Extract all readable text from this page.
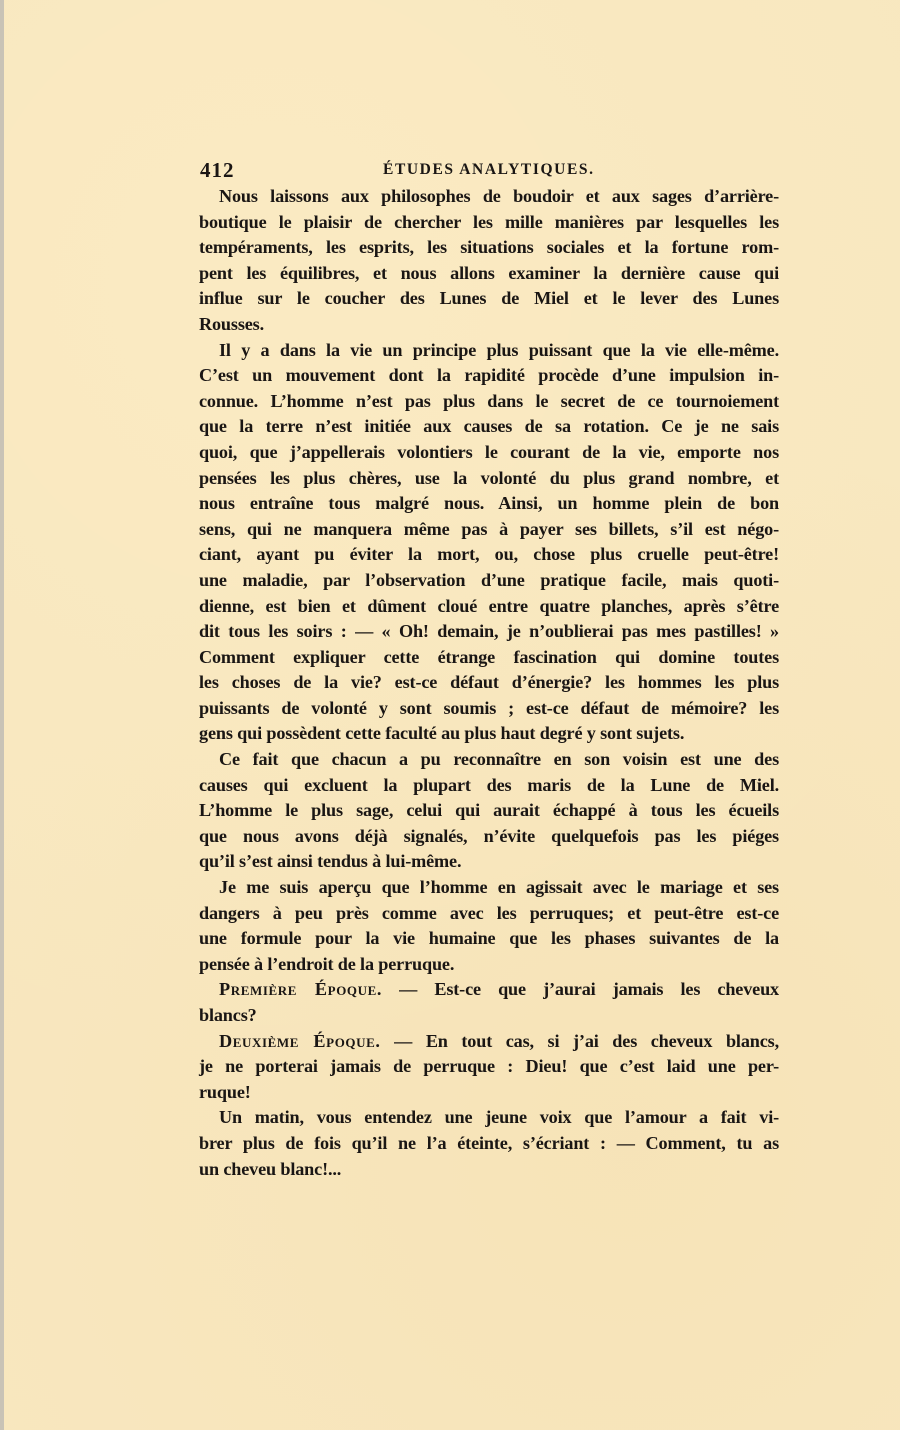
412	ÉTUDES ANALYTIQUES.
Nous laissons aux philosophes de boudoir et aux sages d’arrière-
boutique le plaisir de chercher les mille manières par lesquelles les
tempéraments, les esprits, les situations sociales et la fortune rom-
pent les équilibres, et nous allons examiner la dernière cause qui
influe sur le coucher des Lunes de Miel et le lever des Lunes
Rousses.
Il y a dans la vie un principe plus puissant que la vie elle-même.
C’est un mouvement dont la rapidité procède d’une impulsion in-
connue. L’homme n’est pas plus dans le secret de ce tournoiement
que la terre n’est initiée aux causes de sa rotation. Ce je ne sais
quoi, que j’appellerais volontiers le courant de la vie, emporte nos
pensées les plus chères, use la volonté du plus grand nombre, et
nous entraîne tous malgré nous. Ainsi, un homme plein de bon
sens, qui ne manquera même pas à payer ses billets, s’il est négo-
ciant, ayant pu éviter la mort, ou, chose plus cruelle peut-être!
une maladie, par l’observation d’une pratique facile, mais quoti-
dienne, est bien et dûment cloué entre quatre planches, après s’être
dit tous les soirs : — « Oh! demain, je n’oublierai pas mes pastilles! »
Comment expliquer cette étrange fascination qui domine toutes
les choses de la vie? est-ce défaut d’énergie? les hommes les plus
puissants de volonté y sont soumis ; est-ce défaut de mémoire? les
gens qui possèdent cette faculté au plus haut degré y sont sujets.
Ce fait que chacun a pu reconnaître en son voisin est une des
causes qui excluent la plupart des maris de la Lune de Miel.
L’homme le plus sage, celui qui aurait échappé à tous les écueils
que nous avons déjà signalés, n’évite quelquefois pas les piéges
qu’il s’est ainsi tendus à lui-même.
Je me suis aperçu que l’homme en agissait avec le mariage et ses
dangers à peu près comme avec les perruques; et peut-être est-ce
une formule pour la vie humaine que les phases suivantes de la
pensée à l’endroit de la perruque.
Première Époque. — Est-ce que j’aurai jamais les cheveux
blancs?
Deuxième Époque. — En tout cas, si j’ai des cheveux blancs,
je ne porterai jamais de perruque : Dieu! que c’est laid une per-
ruque!
Un matin, vous entendez une jeune voix que l’amour a fait vi-
brer plus de fois qu’il ne l’a éteinte, s’écriant : — Comment, tu as
un cheveu blanc!...
